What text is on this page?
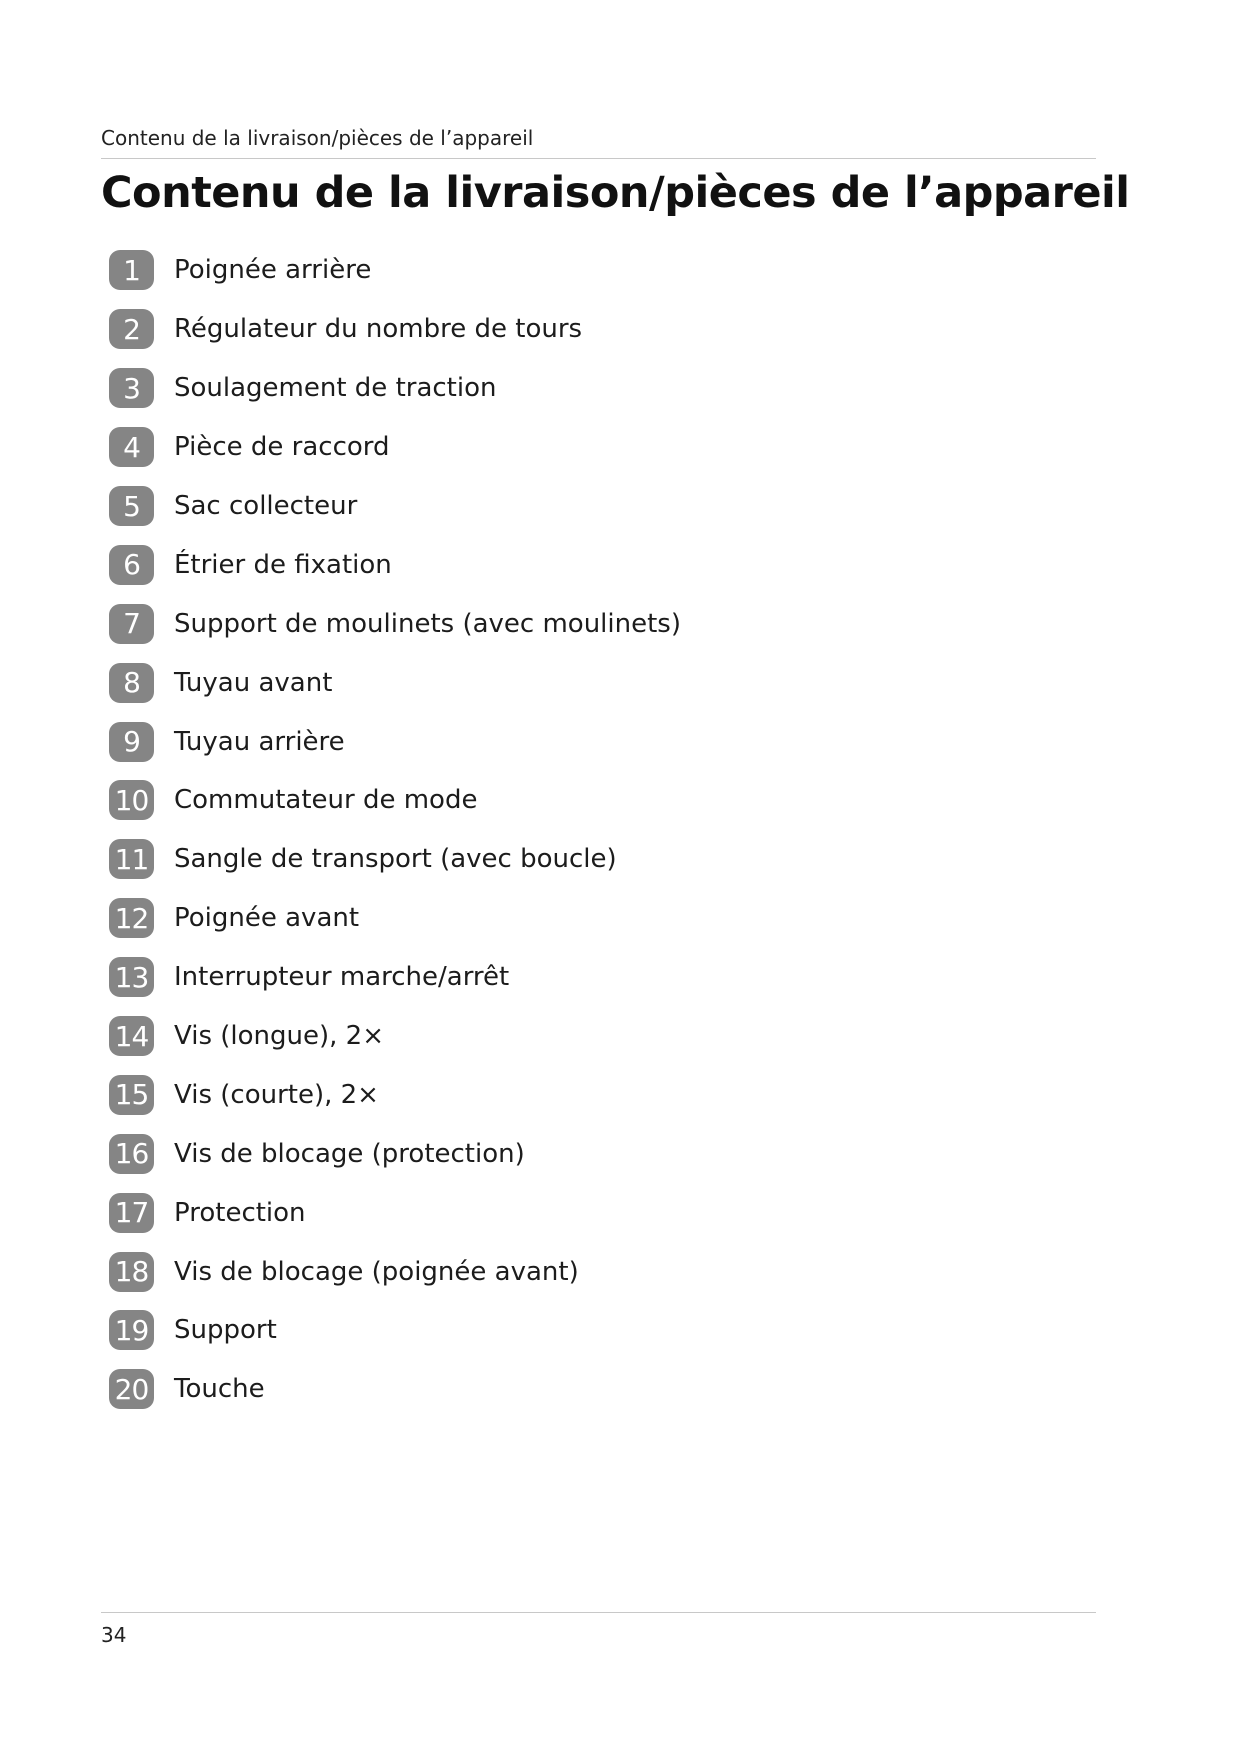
Contenu de la livraison/pièces de l’appareil
Contenu de la livraison/pièces de l’appareil
1	Poignée arrière
2	Régulateur du nombre de tours
3	Soulagement de traction
4	Pièce de raccord
5	Sac collecteur
6	Étrier de fixation
7	Support de moulinets (avec moulinets)
8	Tuyau avant
9	Tuyau arrière
10 Commutateur de mode
11 Sangle de transport (avec boucle)
12 Poignée avant
13 Interrupteur marche/arrêt
14 Vis (longue), 2×
15 Vis (courte), 2×
16 Vis de blocage (protection)
17 Protection
18 Vis de blocage (poignée avant)
19 Support
20 Touche
34
